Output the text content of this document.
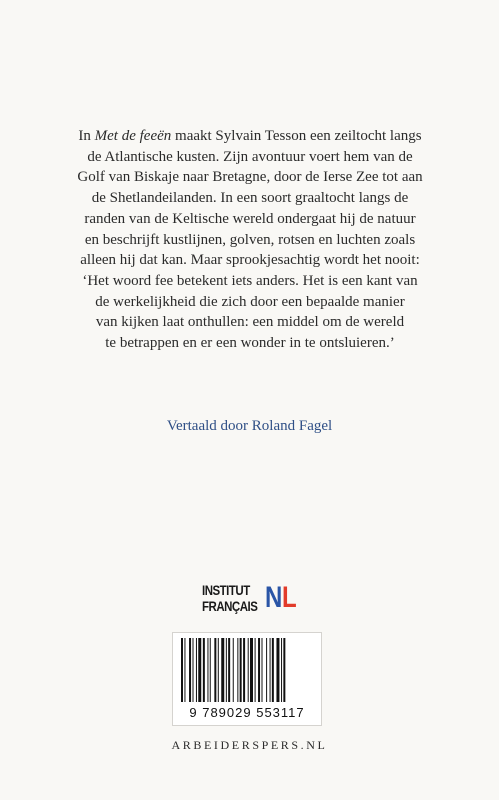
In Met de feeën maakt Sylvain Tesson een zeiltocht langs
de Atlantische kusten. Zijn avontuur voert hem van de
Golf van Biskaje naar Bretagne, door de Ierse Zee tot aan
de Shetlandeilanden. In een soort graaltocht langs de
randen van de Keltische wereld ondergaat hij de natuur
en beschrijft kustlijnen, golven, rotsen en luchten zoals
alleen hij dat kan. Maar sprookjesachtig wordt het nooit:
‘Het woord fee betekent iets anders. Het is een kant van
de werkelijkheid die zich door een bepaalde manier
van kijken laat onthullen: een middel om de wereld
te betrappen en er een wonder in te ontsluieren.’
Vertaald door Roland Fagel
INSTITUT
FRANÇAIS N L
9 789029 553117
ARBEIDERSPERS.NL
